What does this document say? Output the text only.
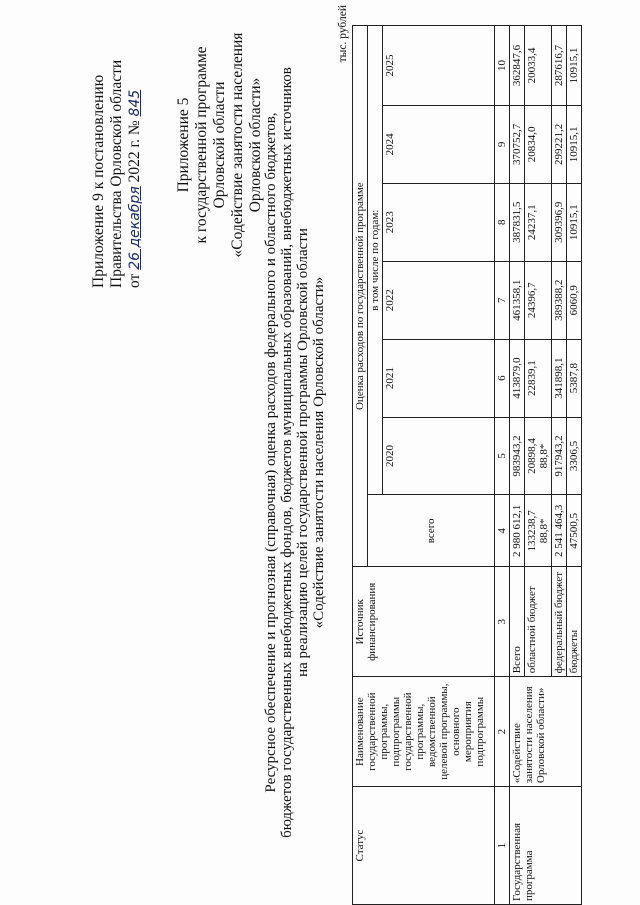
Приложение 9 к постановлению Правительства Орловской области от 26 декабря 2022 г. № 845 Приложение 5 к государственной программе Орловской области «Содействие занятости населения Орловской области» Ресурсное обеспечение и прогнозная (справочная) оценка расходов федерального и областного бюджетов, бюджетов государственных внебюджетных фондов, бюджетов муниципальных образований, внебюджетных источников на реализацию целей государственной программы Орловской области «Содействие занятости населения Орловской области»
тыс. рублей
Статус	Наименование государственной программы, подпрограммы государственной программы, ведомственной целевой программы, основного мероприятия подпрограммы	Источник финансирования	Оценка расходов по государственной программе						
			всего	в том числе по годам:					
				2020	2021	2022	2023	2024	2025
1	2	3	4	5	6	7	8	9	10
Государственная программа	«Содействие занятости населения Орловской области»	Всего	2 980 612,1	983943,2	413879,0	461358,1	387831,5	370752,7	362847,6
		областной бюджет	133238,7 88,8*	20898,4 88,8*	22839,1	24396,7	24237,1	20834,0	20033,4
		федеральный бюджет	2 541 464,3	917943,2	341898,1	389388,2	309396,9	299221,2	287616,7
		бюджеты	47500,5	3306,5	5387,8	6060,9	10915,1	10915,1	10915,1
